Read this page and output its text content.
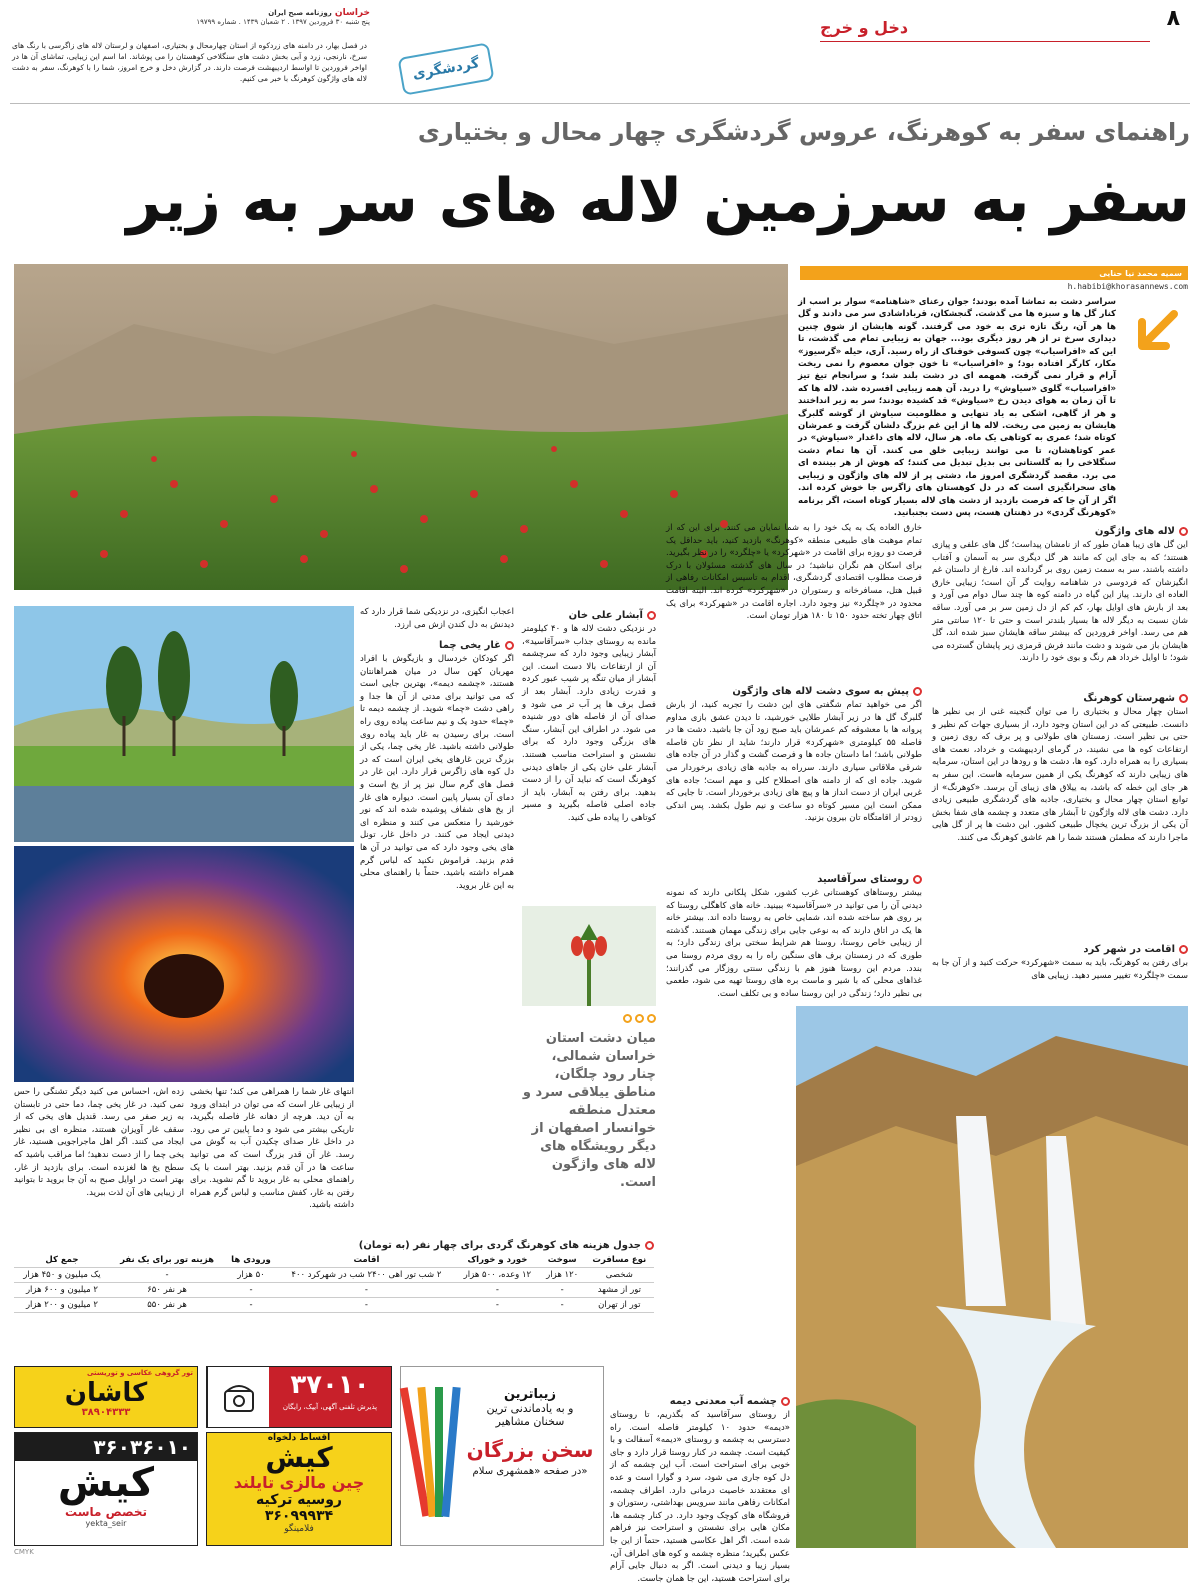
۸
دخل و خرج
خراسان روزنامه صبح ایران
پنج شنبه ۳۰ فروردین ۱۳۹۷ . ۲ شعبان ۱۴۳۹ . شماره ۱۹۷۹۹
در فصل بهار، در دامنه های زردکوه از استان چهارمحال و بختیاری، اصفهان و لرستان لاله های زاگرسی با رنگ های سرخ، نارنجی، زرد و آبی بخش دشت های سنگلاخی کوهستان را می پوشاند. اما اسم این زیبایی، تماشای آن ها در اواخر فروردین تا اواسط اردیبهشت فرصت دارند. در گزارش دخل و خرج امروز، شما را با کوهرنگ، سفر به دشت لاله های واژگون کوهرنگ با خبر می کنیم.	گردشگری
راهنمای سفر به کوهرنگ، عروس گردشگری چهار محال و بختیاری
سفر به سرزمین لاله های سر به زیر
سمیه محمد نیا حنایی
h.habibi@khorasannews.com
سراسر دشت به تماشا آمده بودند؛ جوان رعنای «شاهنامه» سوار بر اسب از کنار گل ها و سبزه ها می گذشت. گنجشکان، قرباداشادی سر می دادند و گل ها هر آن، رنگ تازه تری به خود می گرفتند. گونه هایشان از شوق چنین دیداری سرخ تر از هر روز دیگری بود... جهان به زیبایی تمام می گذشت، تا این که «افراسیاب» چون کسوفی خوفناک از راه رسید. آری، حیله «گرسیوز» مکار، کارگر افتاده بود؛ و «افراسیاب» تا خون جوان معصوم را نمی ریخت آرام و قرار نمی گرفت. همهمه ای در دشت بلند شد؛ و سرانجام تیغ تیز «افراسیاب» گلوی «سیاوش» را درید. آن همه زیبایی افسرده شد. لاله ها که تا آن زمان به هوای دیدن رخ «سیاوش» قد کشیده بودند؛ سر به زیر انداختند و هر از گاهی، اشکی به یاد تنهایی و مظلومیت سیاوش از گوشه گلبرگ هایشان به زمین می ریخت. لاله ها از این غم بزرگ دلشان گرفت و عمرشان کوتاه شد؛ عمری به کوتاهی یک ماه. هر سال، لاله های داغدار «سیاوش» در عمر کوتاهشان، تا می توانند زیبایی خلق می کنند. آن ها تمام دشت سنگلاخی را به گلستانی بی بدیل تبدیل می کنند؛ که هوش از هر بیننده ای می برد. مقصد گردشگری امروز ما، دشتی پر از لاله های واژگون و زیبایی های سحرانگیزی است که در دل کوهستان های زاگرس جا خوش کرده اند. اگر از آن جا که فرصت بازدید از دشت های لاله بسیار کوتاه است، اگر برنامه «کوهرنگ گردی» در ذهنتان هست، پس دست بجنبانید.
لاله های واژگون
این گل های زیبا همان طور که از نامشان پیداست؛ گل های علفی و پیازی هستند؛ که به جای این که مانند هر گل دیگری سر به آسمان و آفتاب داشته باشند، سر به سمت زمین روی بر گردانده اند. فارغ از داستان غم انگیزشان که فردوسی در شاهنامه روایت گر آن است؛ زیبایی خارق العاده ای دارند. پیاز این گیاه در دامنه کوه ها چند سال دوام می آورد و بعد از بارش های اوایل بهار، کم کم از دل زمین سر بر می آورد. ساقه شان نسبت به دیگر لاله ها بسیار بلندتر است و حتی تا ۱۲۰ سانتی متر هم می رسد. اواخر فروردین که بیشتر ساقه هایشان سبز شده اند، گل هایشان باز می شوند و دشت مانند فرش قرمزی زیر پایشان گسترده می شود؛ تا اوایل خرداد هم رنگ و بوی خود را دارند.
شهرستان کوهرنگ
استان چهار محال و بختیاری را می توان گنجینه غنی از بی نظیر ها دانست. طبیعتی که در این استان وجود دارد، از بسیاری جهات کم نظیر و حتی بی نظیر است. زمستان های طولانی و پر برف که روی زمین و ارتفاعات کوه ها می نشیند، در گرمای اردیبهشت و خرداد، نعمت های بسیاری را به همراه دارد. کوه ها، دشت ها و رودها در این استان، سرمایه های زیبایی دارند که کوهرنگ یکی از همین سرمایه هاست. این سفر به هر جای این خطه که باشد، به ییلاق های زیبای آن برسد. «کوهرنگ» از توابع استان چهار محال و بختیاری، جاذبه های گردشگری طبیعی زیادی دارد. دشت های لاله واژگون تا آبشار های متعدد و چشمه های شفا بخش آن یکی از بزرگ ترین یخچال طبیعی کشور. این دشت ها پر از گل هایی ماجرا دارند که مطمئن هستند شما را هم عاشق کوهرنگ می کنند.
اقامت در شهر کرد
برای رفتن به کوهرنگ، باید به سمت «شهرکرد» حرکت کنید و از آن جا به سمت «چلگرد» تغییر مسیر دهید. زیبایی های
خارق العاده یک به یک خود را به شما نمایان می کنند. برای این که از تمام موهبت های طبیعی منطقه «کوهرنگ» بازدید کنید، باید حداقل یک فرصت دو روزه برای اقامت در «شهرکرد» یا «چلگرد» را در نظر بگیرید. برای اسکان هم نگران نباشید؛ در سال های گذشته مسئولان با درک فرصت مطلوب اقتصادی گردشگری، اقدام به تاسیس امکانات رفاهی از قبیل هتل، مسافرخانه و رستوران در «شهرکرد» کرده اند. البته اقامت محدود در «چلگرد» نیز وجود دارد. اجاره اقامت در «شهرکرد» برای یک اتاق چهار تخته حدود ۱۵۰ تا ۱۸۰ هزار تومان است.
پیش به سوی دشت لاله های واژگون
اگر می خواهید تمام شگفتی های این دشت را تجربه کنید، از بارش گلبرگ گل ها در زیر آبشار طلایی خورشید، تا دیدن عشق بازی مداوم پروانه ها با معشوقه کم عمرشان باید صبح زود آن جا باشید. دشت ها در فاصله ۵۵ کیلومتری «شهرکرد» قرار دارند؛ شاید از نظر تان فاصله طولانی باشد؛ اما داستان جاده ها و فرصت گشت و گذار در آن جاده های شرقی ملاقاتی سیاری دارند. سرراه به جاذبه های زیادی برخوردار می شوید. جاده ای که از دامنه های اصطلاح کلی و مهم است؛ جاده های غربی ایران از دست انداز ها و پیچ های زیادی برخوردار است. تا جایی که ممکن است این مسیر کوتاه دو ساعت و نیم طول بکشد. پس اندکی زودتر از اقامتگاه تان بیرون بزنید.
آبشار علی خان
در نزدیکی دشت لاله ها و ۴۰ کیلومتر مانده به روستای جذاب «سرآقاسید»، آبشار زیبایی وجود دارد که سرچشمه آن از ارتفاعات بالا دست است. این آبشار از میان تنگه پر شیب عبور کرده و قدرت زیادی دارد. آبشار بعد از فصل برف ها پر آب تر می شود و صدای آن از فاصله های دور شنیده می شود. در اطراف این آبشار، سنگ های بزرگی وجود دارد که برای نشستن و استراحت مناسب هستند. آبشار علی خان یکی از جاهای دیدنی کوهرنگ است که نباید آن را از دست بدهید. برای رفتن به آبشار، باید از جاده اصلی فاصله بگیرید و مسیر کوتاهی را پیاده طی کنید.
اعجاب انگیزی، در نزدیکی شما قرار دارد که دیدنش به دل کندن ازش می ارزد.
غار یخی چما
اگر کودکان خردسال و بازیگوش با افراد مهربان کهن سال در میان همراهانتان هستند، «چشمه دیمه»، بهترین جایی است که می توانید برای مدتی از آن ها جدا و راهی دشت «چما» شوید. از چشمه دیمه تا «چما» حدود یک و نیم ساعت پیاده روی راه است. برای رسیدن به غار باید پیاده روی طولانی داشته باشید. غار یخی چما، یکی از بزرگ ترین غارهای یخی ایران است که در دل کوه های زاگرس قرار دارد. این غار در فصل های گرم سال نیز پر از یخ است و دمای آن بسیار پایین است. دیواره های غار از یخ های شفاف پوشیده شده اند که نور خورشید را منعکس می کنند و منظره ای دیدنی ایجاد می کنند. در داخل غار، تونل های یخی وجود دارد که می توانید در آن ها قدم بزنید. فراموش نکنید که لباس گرم همراه داشته باشید. حتماً با راهنمای محلی به این غار بروید.
انتهای غار شما را همراهی می کند؛ تنها بخشی از زیبایی غار است که می توان در ابتدای ورود به آن دید. هرچه از دهانه غار فاصله بگیرید، تاریکی بیشتر می شود و دما پایین تر می رود. در داخل غار صدای چکیدن آب به گوش می رسد. غار آن قدر بزرگ است که می توانید ساعت ها در آن قدم بزنید. بهتر است با یک راهنمای محلی به غار بروید تا گم نشوید. برای رفتن به غار، کفش مناسب و لباس گرم همراه داشته باشید.
زده اش، احساس می کنید دیگر تشنگی را حس نمی کنید. در غار یخی چما، دما حتی در تابستان به زیر صفر می رسد. قندیل های یخی که از سقف غار آویزان هستند، منظره ای بی نظیر ایجاد می کنند. اگر اهل ماجراجویی هستید، غار یخی چما را از دست ندهید؛ اما مراقب باشید که سطح یخ ها لغزنده است. برای بازدید از غار، بهتر است در اوایل صبح به آن جا بروید تا بتوانید از زیبایی های آن لذت ببرید.
میان دشت استان خراسان شمالی، چنار رود چلگان، مناطق ییلاقی سرد و معتدل منطقه خوانسار اصفهان از دیگر رویشگاه های لاله های واژگون است.
روستای سرآقاسید
بیشتر روستاهای کوهستانی غرب کشور، شکل پلکانی دارند که نمونه دیدنی آن را می توانید در «سرآقاسید» ببینید. خانه های کاهگلی روستا که بر روی هم ساخته شده اند، شمایی خاص به روستا داده اند. بیشتر خانه ها یک در اتاق دارند که به نوعی جایی برای زندگی مهمان هستند. گذشته از زیبایی خاص روستا، روستا هم شرایط سختی برای زندگی دارد؛ به طوری که در زمستان برف های سنگین راه را به روی مردم روستا می بندد. مردم این روستا هنوز هم با زندگی سنتی روزگار می گذرانند؛ غذاهای محلی که با شیر و ماست بره های روستا تهیه می شود، طعمی بی نظیر دارد؛ زندگی در این روستا ساده و بی تکلف است.
چشمه آب معدنی دیمه
از روستای سرآقاسید که بگذریم، تا روستای «دیمه» حدود ۱۰ کیلومتر فاصله است. راه دسترسی به چشمه و روستای «دیمه» آسفالت و با کیفیت است. چشمه در کنار روستا قرار دارد و جای خوبی برای استراحت است. آب این چشمه که از دل کوه جاری می شود، سرد و گوارا است و عده ای معتقدند خاصیت درمانی دارد. اطراف چشمه، امکانات رفاهی مانند سرویس بهداشتی، رستوران و فروشگاه های کوچک وجود دارد. در کنار چشمه ها، مکان هایی برای نشستن و استراحت نیز فراهم شده است. اگر اهل عکاسی هستید، حتماً از این جا عکس بگیرید؛ منظره چشمه و کوه های اطراف آن، بسیار زیبا و دیدنی است. اگر به دنبال جایی آرام برای استراحت هستید، این جا همان جاست.
جدول هزینه های کوهرنگ گردی برای چهار نفر (به تومان)
نوع مسافرت	سوخت	خورد و خوراک	اقامت	ورودی ها	هزینه تور برای یک نفر	جمع کل
شخصی	۱۲۰ هزار	۱۲ وعده، ۵۰۰ هزار	۲ شب تور اهی ۲۴۰۰ شب در شهرکرد ۴۰۰	۵۰ هزار	-	یک میلیون و ۴۵۰ هزار
تور از مشهد	-	-	-	-	هر نفر ۶۵۰	۲ میلیون و ۶۰۰ هزار
تور از تهران	-	-	-	-	هر نفر ۵۵۰	۲ میلیون و ۲۰۰ هزار
تور گروهی عکاسی و توریستی
کاشان
۳۸۹۰۴۳۳۳
۳۶۰۳۶۰۱۰
کیش
تخصص ماست
yekta_seir
۳۷۰۱۰
پذیرش تلفنی آگهی، آیپک، رایگان
اقساط دلخواه
کیش
چین مالزی تایلند
روسیه ترکیه
۳۶۰۹۹۹۳۴
فلامینگو
زیباترین
و به یادماندنی ترین
سخنان مشاهیر
سخن بزرگان
در صفحه «همشهری سلام»
CMYK
